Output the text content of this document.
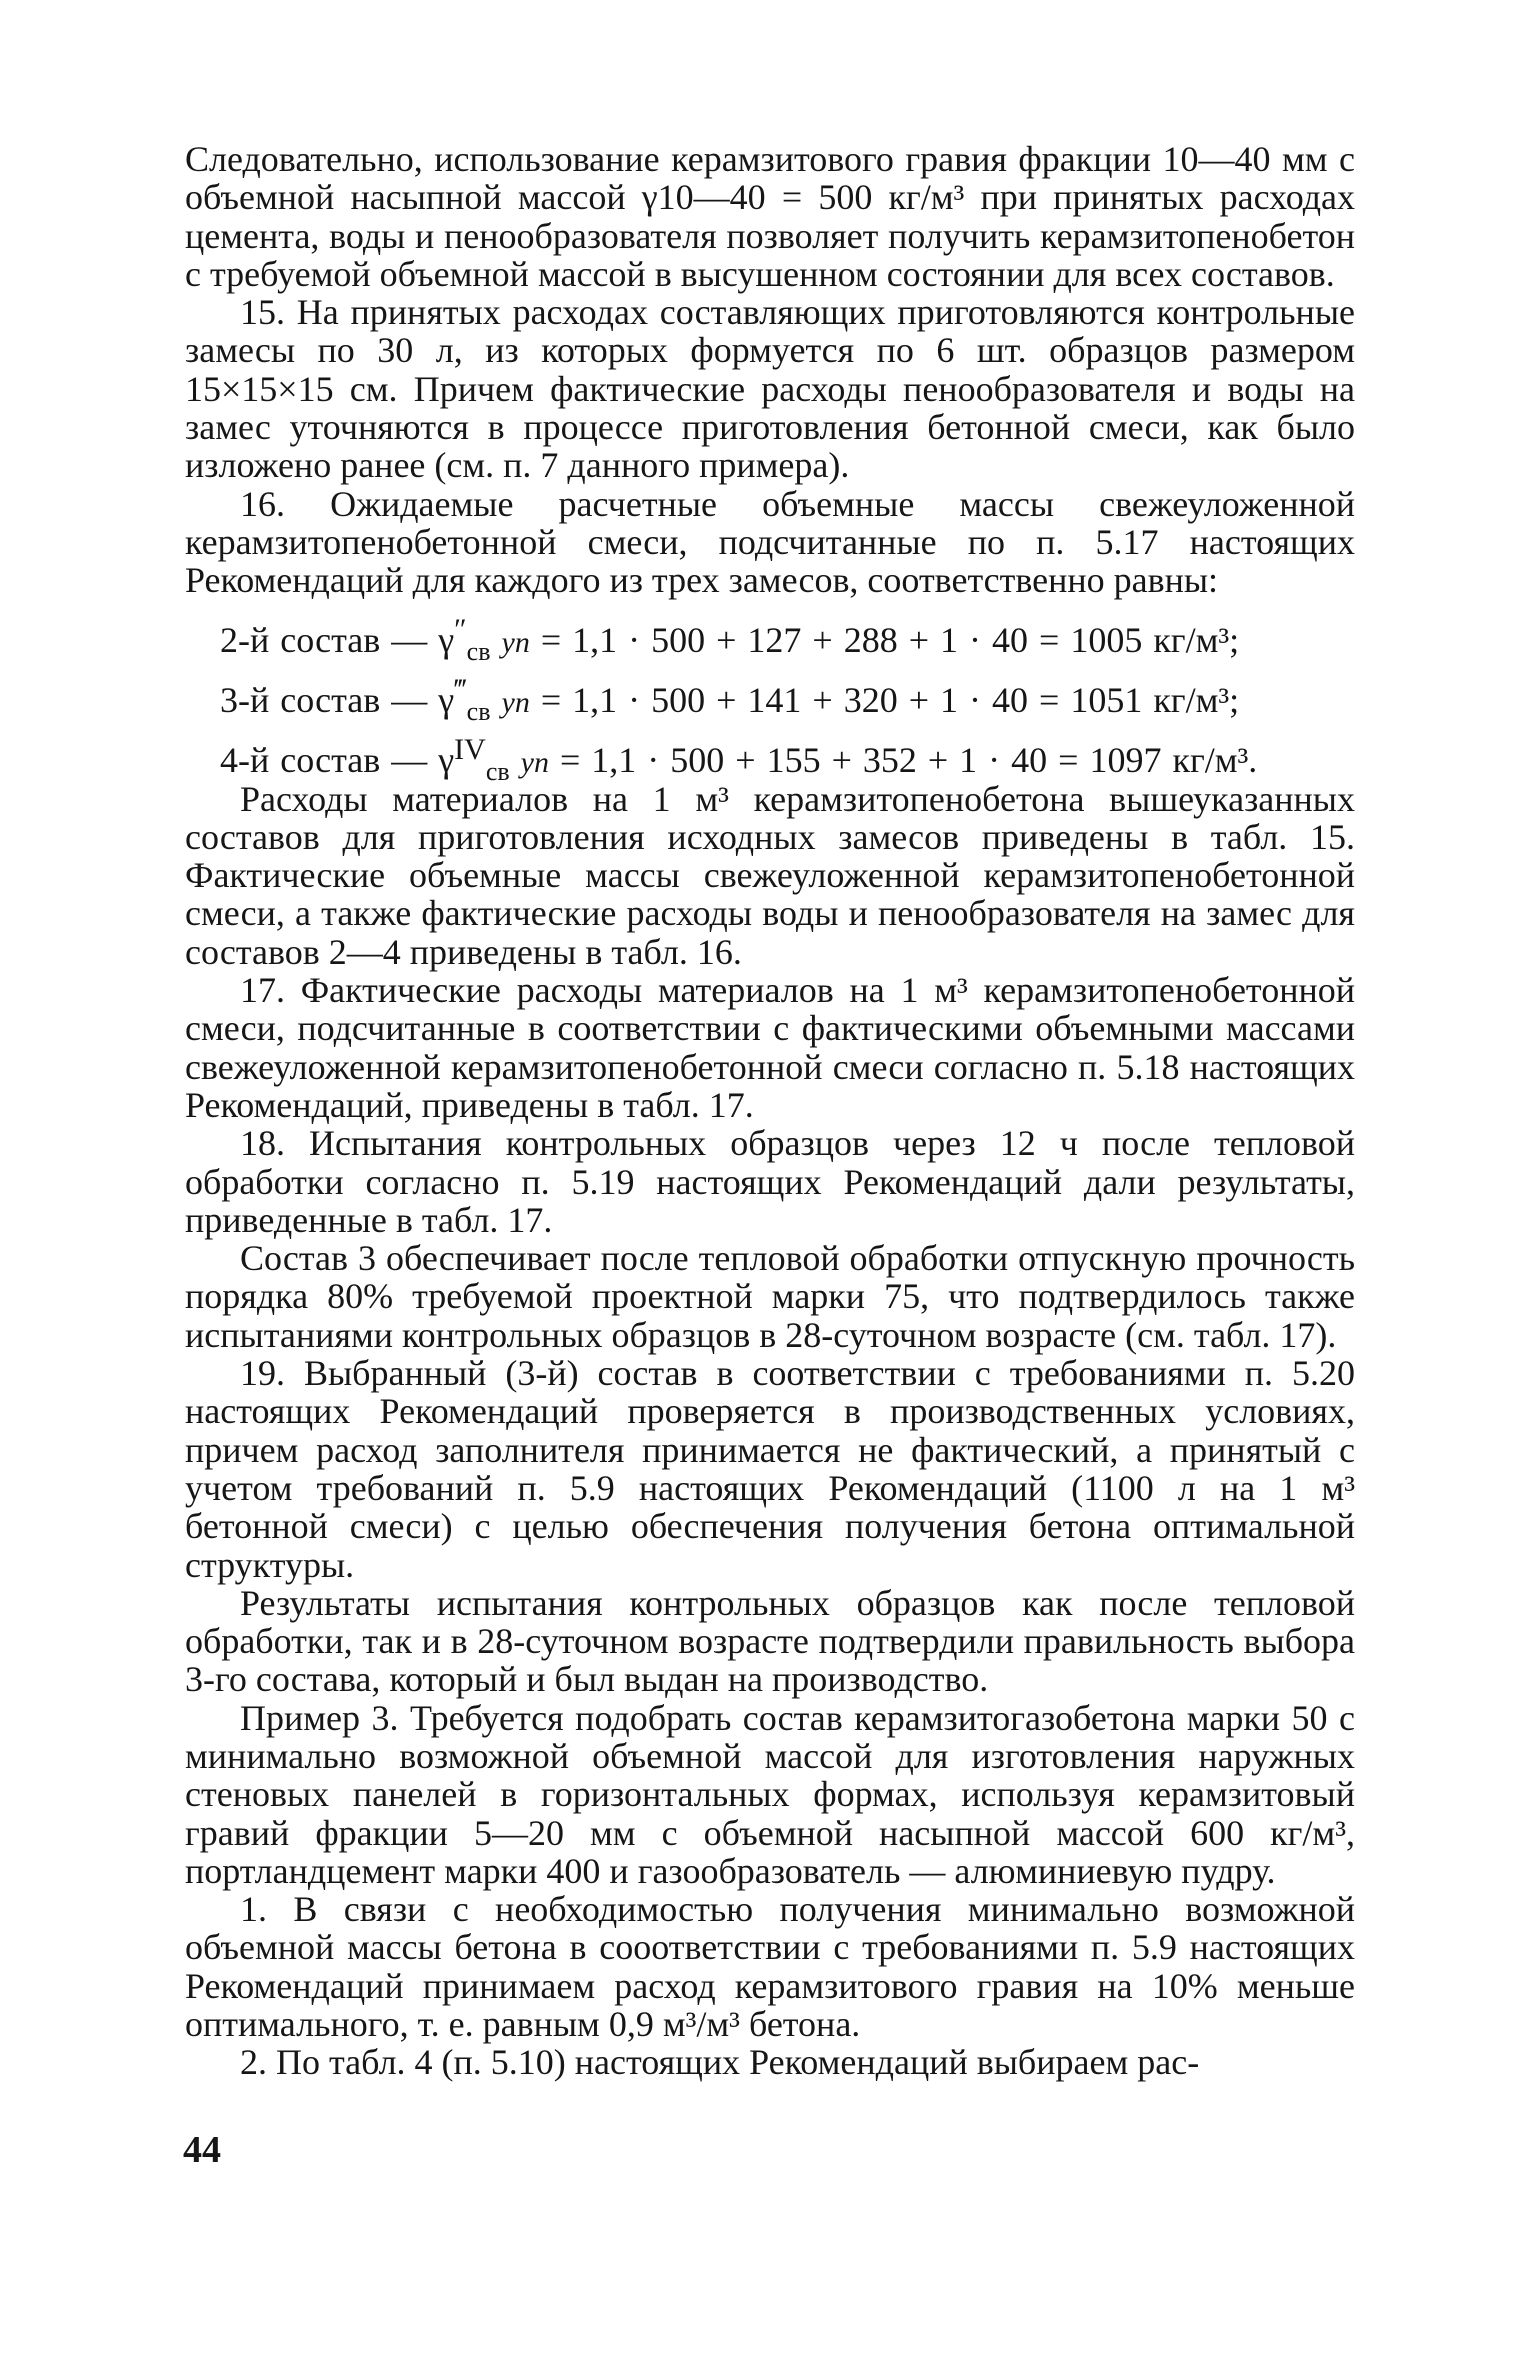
Следовательно, использование керамзитового гравия фракции 10—40 мм с объемной насыпной массой γ10—40 = 500 кг/м³ при принятых расходах цемента, воды и пенообразователя позволяет получить керамзитопенобетон с требуемой объемной массой в высушенном состоянии для всех составов.

15. На принятых расходах составляющих приготовляются контрольные замесы по 30 л, из которых формуется по 6 шт. образцов размером 15×15×15 см. Причем фактические расходы пенообразователя и воды на замес уточняются в процессе приготовления бетонной смеси, как было изложено ранее (см. п. 7 данного примера).

16. Ожидаемые расчетные объемные массы свежеуложенной керамзитопенобетонной смеси, подсчитанные по п. 5.17 настоящих Рекомендаций для каждого из трех замесов, соответственно равны:

2-й состав — $\gamma''_{св}$ уп = 1,1 · 500 + 127 + 288 + 1 · 40 = 1005 кг/м³;
3-й состав — $\gamma^‴_{св}$ уп = 1,1 · 500 + 141 + 320 + 1 · 40 = 1051 кг/м³;
4-й состав — $\gamma^{IV}_{св}$ уп = 1,1 · 500 + 155 + 352 + 1 · 40 = 1097 кг/м³.

Расходы материалов на 1 м³ керамзитопенобетона вышеуказанных составов для приготовления исходных замесов приведены в табл. 15. Фактические объемные массы свежеуложенной керамзитопенобетонной смеси, а также фактические расходы воды и пенообразователя на замес для составов 2—4 приведены в табл. 16.

17. Фактические расходы материалов на 1 м³ керамзитопенобетонной смеси, подсчитанные в соответствии с фактическими объемными массами свежеуложенной керамзитопенобетонной смеси согласно п. 5.18 настоящих Рекомендаций, приведены в табл. 17.

18. Испытания контрольных образцов через 12 ч после тепловой обработки согласно п. 5.19 настоящих Рекомендаций дали результаты, приведенные в табл. 17.

Состав 3 обеспечивает после тепловой обработки отпускную прочность порядка 80% требуемой проектной марки 75, что подтвердилось также испытаниями контрольных образцов в 28-суточном возрасте (см. табл. 17).

19. Выбранный (3-й) состав в соответствии с требованиями п. 5.20 настоящих Рекомендаций проверяется в производственных условиях, причем расход заполнителя принимается не фактический, а принятый с учетом требований п. 5.9 настоящих Рекомендаций (1100 л на 1 м³ бетонной смеси) с целью обеспечения получения бетона оптимальной структуры.

Результаты испытания контрольных образцов как после тепловой обработки, так и в 28-суточном возрасте подтвердили правильность выбора 3-го состава, который и был выдан на производство.

Пример 3. Требуется подобрать состав керамзитогазобетона марки 50 с минимально возможной объемной массой для изготовления наружных стеновых панелей в горизонтальных формах, используя керамзитовый гравий фракции 5—20 мм с объемной насыпной массой 600 кг/м³, портландцемент марки 400 и газообразователь — алюминиевую пудру.

1. В связи с необходимостью получения минимально возможной объемной массы бетона в сооответствии с требованиями п. 5.9 настоящих Рекомендаций принимаем расход керамзитового гравия на 10% меньше оптимального, т. е. равным 0,9 м³/м³ бетона.

2. По табл. 4 (п. 5.10) настоящих Рекомендаций выбираем рас-

44
